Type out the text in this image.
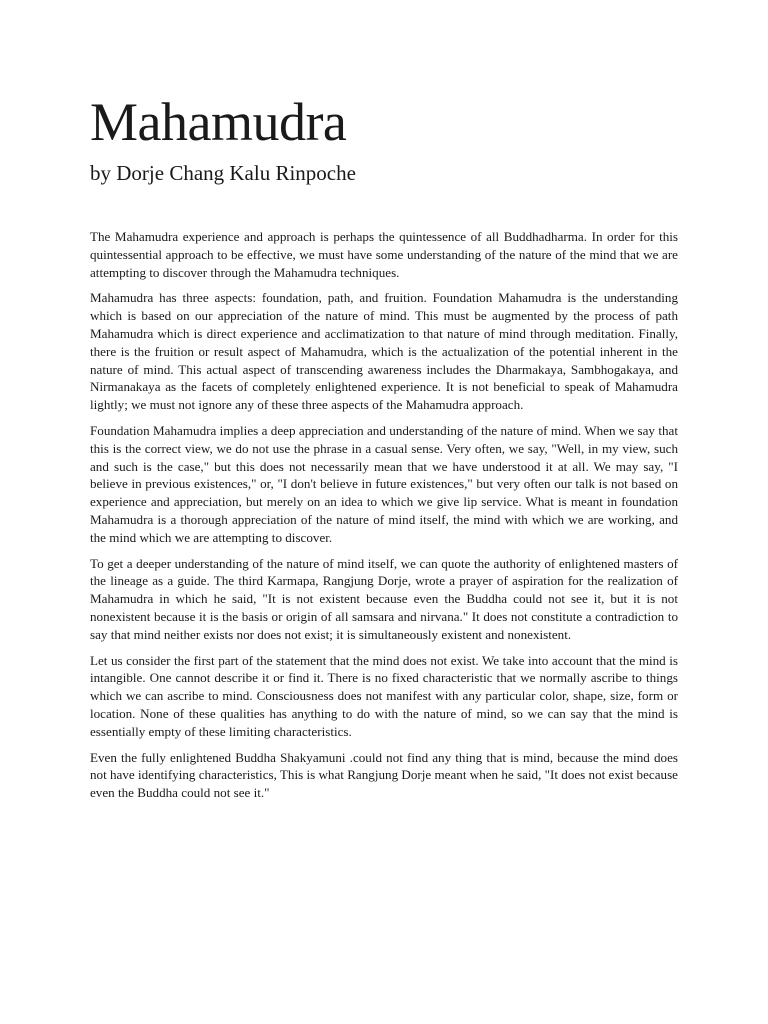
Mahamudra
by Dorje Chang Kalu Rinpoche

The Mahamudra experience and approach is perhaps the quintessence of all Buddhadharma. In order for this quintessential approach to be effective, we must have some understanding of the nature of the mind that we are attempting to discover through the Mahamudra techniques.

Mahamudra has three aspects: foundation, path, and fruition. Foundation Mahamudra is the understanding which is based on our appreciation of the nature of mind. This must be augmented by the process of path Mahamudra which is direct experience and acclimatization to that nature of mind through meditation. Finally, there is the fruition or result aspect of Mahamudra, which is the actualization of the potential inherent in the nature of mind. This actual aspect of transcending awareness includes the Dharmakaya, Sambhogakaya, and Nirmanakaya as the facets of completely enlightened experience. It is not beneficial to speak of Mahamudra lightly; we must not ignore any of these three aspects of the Mahamudra approach.

Foundation Mahamudra implies a deep appreciation and understanding of the nature of mind. When we say that this is the correct view, we do not use the phrase in a casual sense. Very often, we say, "Well, in my view, such and such is the case," but this does not necessarily mean that we have understood it at all. We may say, "I believe in previous existences," or, "I don't believe in future existences," but very often our talk is not based on experience and appreciation, but merely on an idea to which we give lip service. What is meant in foundation Mahamudra is a thorough appreciation of the nature of mind itself, the mind with which we are working, and the mind which we are attempting to discover.

To get a deeper understanding of the nature of mind itself, we can quote the authority of enlightened masters of the lineage as a guide. The third Karmapa, Rangjung Dorje, wrote a prayer of aspiration for the realization of Mahamudra in which he said, "It is not existent because even the Buddha could not see it, but it is not nonexistent because it is the basis or origin of all samsara and nirvana." It does not constitute a contradiction to say that mind neither exists nor does not exist; it is simultaneously existent and nonexistent.

Let us consider the first part of the statement that the mind does not exist. We take into account that the mind is intangible. One cannot describe it or find it. There is no fixed characteristic that we normally ascribe to things which we can ascribe to mind. Consciousness does not manifest with any particular color, shape, size, form or location. None of these qualities has anything to do with the nature of mind, so we can say that the mind is essentially empty of these limiting characteristics.

Even the fully enlightened Buddha Shakyamuni .could not find any thing that is mind, because the mind does not have identifying characteristics, This is what Rangjung Dorje meant when he said, "It does not exist because even the Buddha could not see it."
